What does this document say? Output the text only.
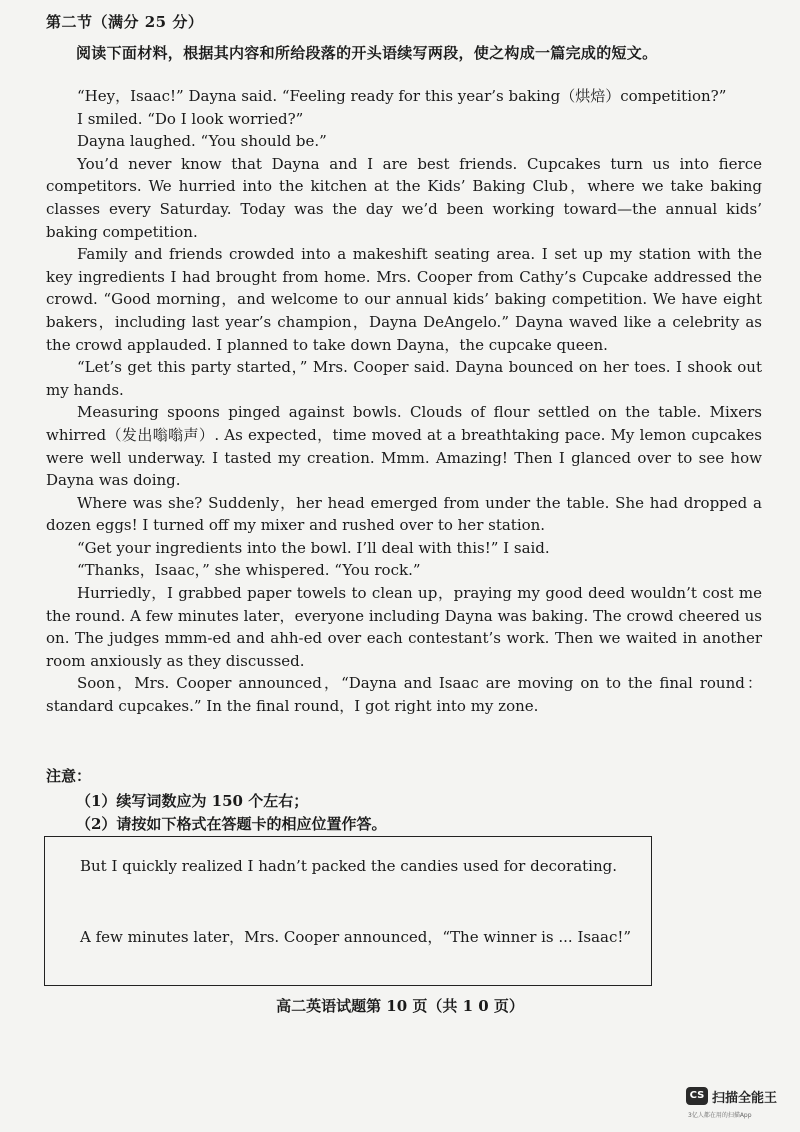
第二节（满分 25 分）
阅读下面材料，根据其内容和所给段落的开头语续写两段，使之构成一篇完成的短文。

“Hey，Isaac!” Dayna said. “Feeling ready for this year’s baking（烘焙）competition?”

I smiled. “Do I look worried?”

Dayna laughed. “You should be.”

You’d never know that Dayna and I are best friends. Cupcakes turn us into fierce competitors. We hurried into the kitchen at the Kids’ Baking Club，where we take baking classes every Saturday. Today was the day we’d been working toward—the annual kids’ baking competition.

Family and friends crowded into a makeshift seating area. I set up my station with the key ingredients I had brought from home. Mrs. Cooper from Cathy’s Cupcake addressed the crowd. “Good morning，and welcome to our annual kids’ baking competition. We have eight bakers，including last year’s champion，Dayna DeAngelo.” Dayna waved like a celebrity as the crowd applauded. I planned to take down Dayna，the cupcake queen.

“Let’s get this party started，” Mrs. Cooper said. Dayna bounced on her toes. I shook out my hands.

Measuring spoons pinged against bowls. Clouds of flour settled on the table. Mixers whirred（发出嗡嗡声）. As expected，time moved at a breathtaking pace. My lemon cupcakes were well underway. I tasted my creation. Mmm. Amazing! Then I glanced over to see how Dayna was doing.

Where was she? Suddenly，her head emerged from under the table. She had dropped a dozen eggs! I turned off my mixer and rushed over to her station.

“Get your ingredients into the bowl. I’ll deal with this!” I said.

“Thanks，Isaac，” she whispered. “You rock.”

Hurriedly，I grabbed paper towels to clean up，praying my good deed wouldn’t cost me the round. A few minutes later，everyone including Dayna was baking. The crowd cheered us on. The judges mmm-ed and ahh-ed over each contestant’s work. Then we waited in another room anxiously as they discussed.

Soon，Mrs. Cooper announced，“Dayna and Isaac are moving on to the final round：standard cupcakes.” In the final round，I got right into my zone.

注意：
（1）续写词数应为 150 个左右；
（2）请按如下格式在答题卡的相应位置作答。
But I quickly realized I hadn’t packed the candies used for decorating.
A few minutes later，Mrs. Cooper announced，“The winner is ... Isaac!”
高二英语试题第 10 页（共 1 0 页）
CS 扫描全能王
3亿人都在用的扫描App
